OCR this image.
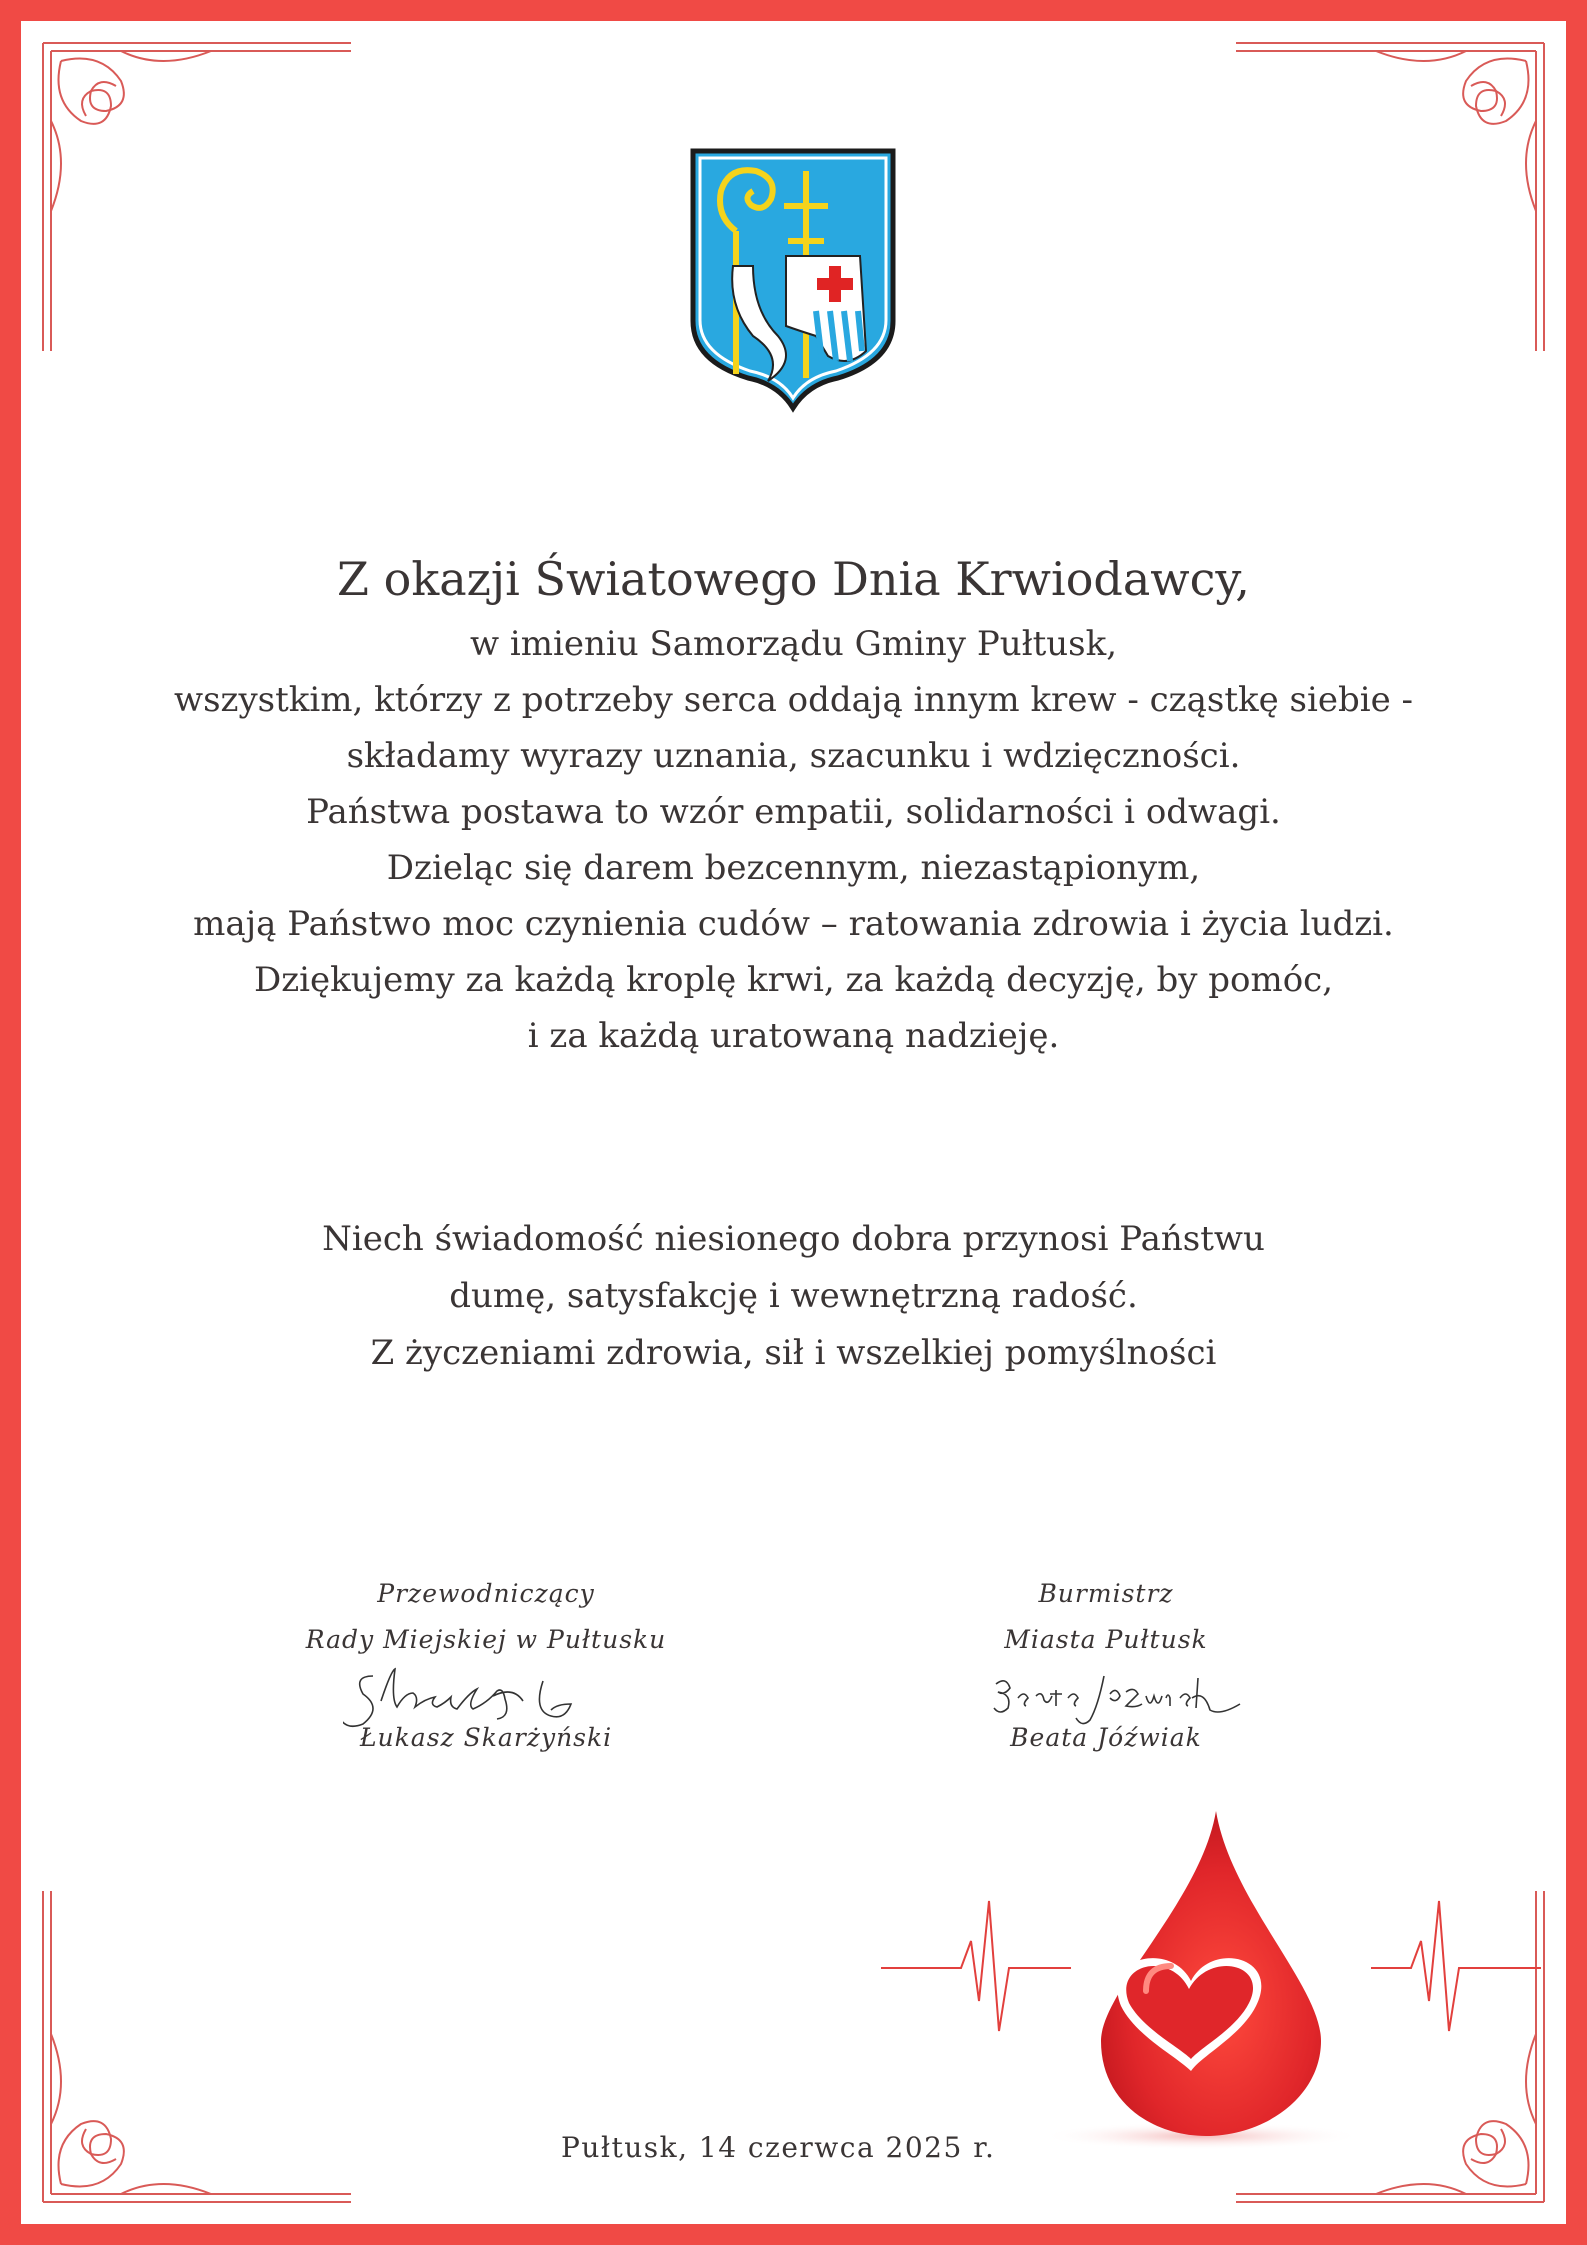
Z okazji Światowego Dnia Krwiodawcy,
w imieniu Samorządu Gminy Pułtusk,
wszystkim, którzy z potrzeby serca oddają innym krew - cząstkę siebie -
składamy wyrazy uznania, szacunku i wdzięczności.
Państwa postawa to wzór empatii, solidarności i odwagi.
Dzieląc się darem bezcennym, niezastąpionym,
mają Państwo moc czynienia cudów – ratowania zdrowia i życia ludzi.
Dziękujemy za każdą kroplę krwi, za każdą decyzję, by pomóc,
i za każdą uratowaną nadzieję.
Niech świadomość niesionego dobra przynosi Państwu
dumę, satysfakcję i wewnętrzną radość.
Z życzeniami zdrowia, sił i wszelkiej pomyślności
Przewodniczący
Rady Miejskiej w Pułtusku
Łukasz Skarżyński
Burmistrz
Miasta Pułtusk
Beata Jóźwiak
Pułtusk, 14 czerwca 2025 r.
